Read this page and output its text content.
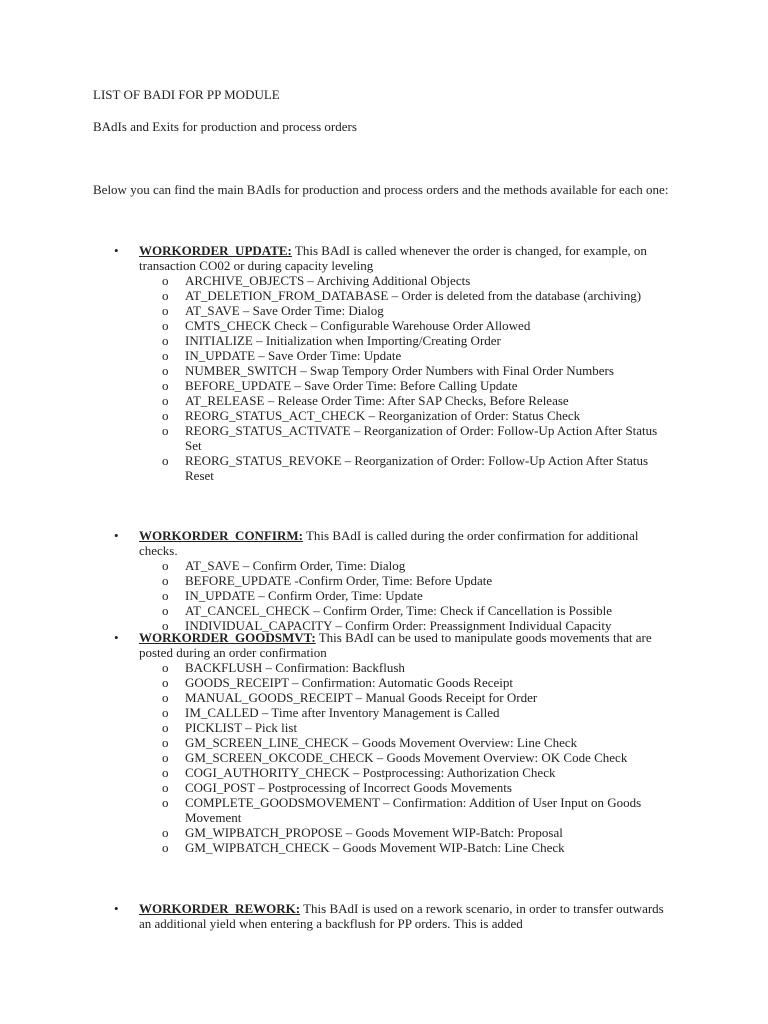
LIST OF BADI FOR PP MODULE
BAdIs and Exits for production and process orders
Below you can find the main BAdIs for production and process orders and the methods available for each one:
• WORKORDER_UPDATE: This BAdI is called whenever the order is changed, for example, on transaction CO02 or during capacity leveling
o ARCHIVE_OBJECTS – Archiving Additional Objects
o AT_DELETION_FROM_DATABASE – Order is deleted from the database (archiving)
o AT_SAVE – Save Order Time: Dialog
o CMTS_CHECK Check – Configurable Warehouse Order Allowed
o INITIALIZE – Initialization when Importing/Creating Order
o IN_UPDATE – Save Order Time: Update
o NUMBER_SWITCH – Swap Tempory Order Numbers with Final Order Numbers
o BEFORE_UPDATE – Save Order Time: Before Calling Update
o AT_RELEASE – Release Order Time: After SAP Checks, Before Release
o REORG_STATUS_ACT_CHECK – Reorganization of Order: Status Check
o REORG_STATUS_ACTIVATE – Reorganization of Order: Follow-Up Action After Status Set
o REORG_STATUS_REVOKE – Reorganization of Order: Follow-Up Action After Status Reset
• WORKORDER_CONFIRM: This BAdI is called during the order confirmation for additional checks.
o AT_SAVE – Confirm Order, Time: Dialog
o BEFORE_UPDATE -Confirm Order, Time: Before Update
o IN_UPDATE – Confirm Order, Time: Update
o AT_CANCEL_CHECK – Confirm Order, Time: Check if Cancellation is Possible
o INDIVIDUAL_CAPACITY – Confirm Order: Preassignment Individual Capacity
• WORKORDER_GOODSMVT: This BAdI can be used to manipulate goods movements that are posted during an order confirmation
o BACKFLUSH – Confirmation: Backflush
o GOODS_RECEIPT – Confirmation: Automatic Goods Receipt
o MANUAL_GOODS_RECEIPT – Manual Goods Receipt for Order
o IM_CALLED – Time after Inventory Management is Called
o PICKLIST – Pick list
o GM_SCREEN_LINE_CHECK – Goods Movement Overview: Line Check
o GM_SCREEN_OKCODE_CHECK – Goods Movement Overview: OK Code Check
o COGI_AUTHORITY_CHECK – Postprocessing: Authorization Check
o COGI_POST – Postprocessing of Incorrect Goods Movements
o COMPLETE_GOODSMOVEMENT – Confirmation: Addition of User Input on Goods Movement
o GM_WIPBATCH_PROPOSE – Goods Movement WIP-Batch: Proposal
o GM_WIPBATCH_CHECK – Goods Movement WIP-Batch: Line Check
• WORKORDER_REWORK: This BAdI is used on a rework scenario, in order to transfer outwards an additional yield when entering a backflush for PP orders. This is added
